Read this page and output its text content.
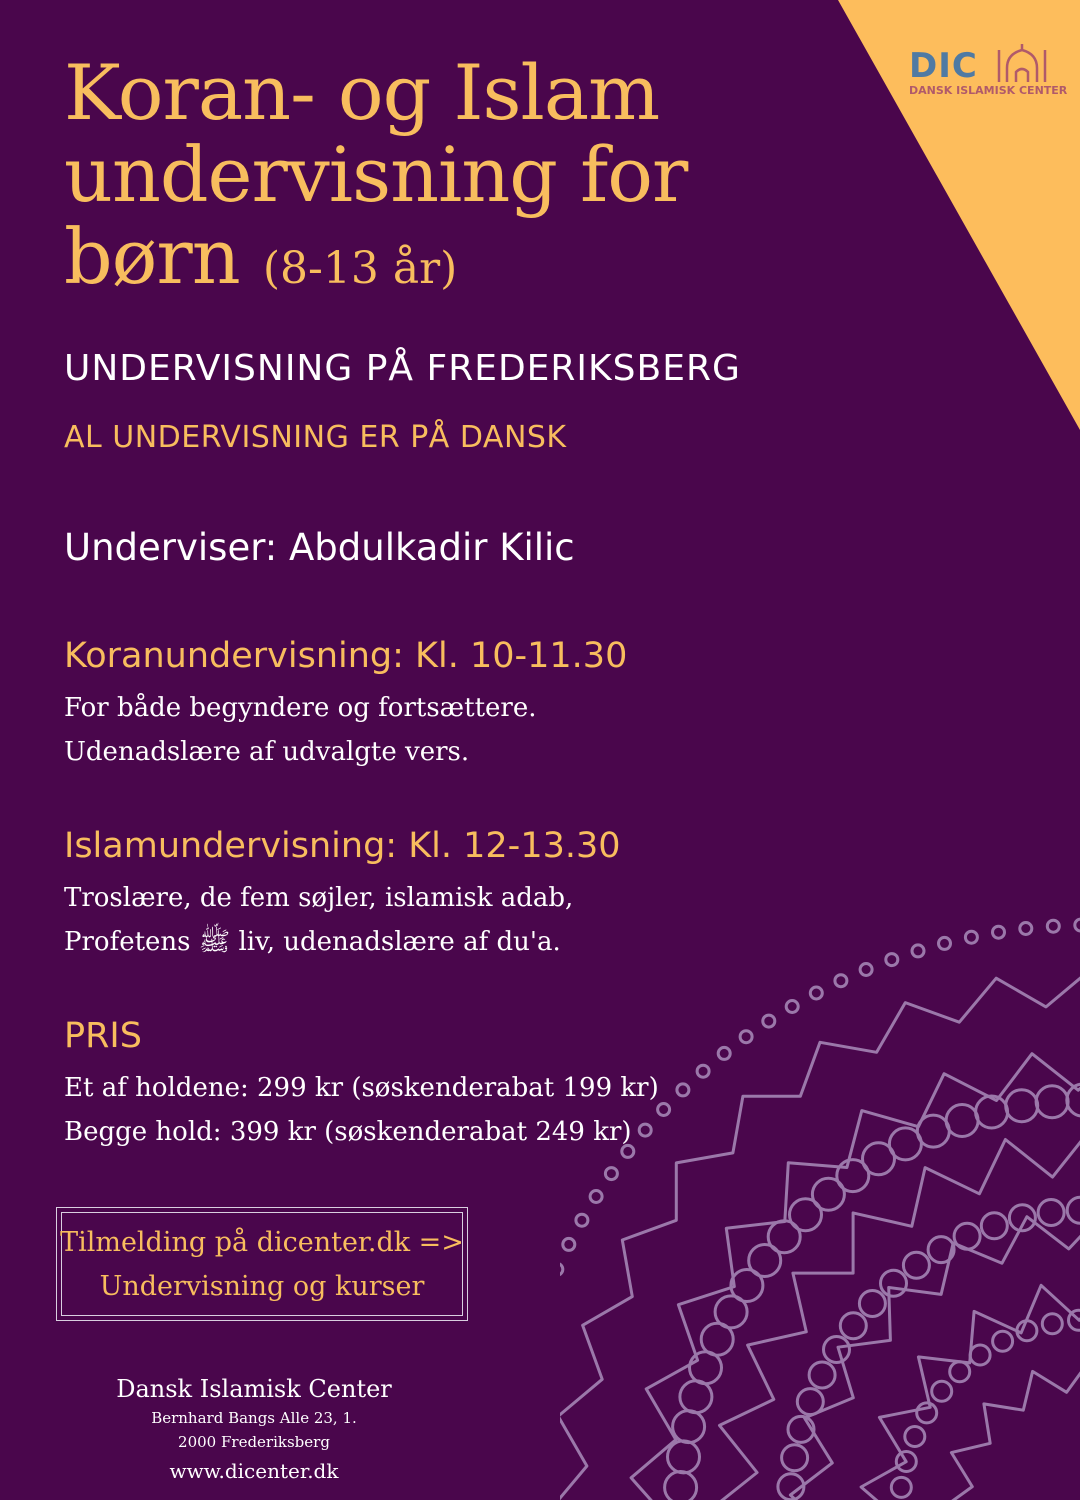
DIC
DANSK ISLAMISK CENTER
Koran- og Islam
undervisning for
børn (8-13 år)
UNDERVISNING PÅ FREDERIKSBERG
AL UNDERVISNING ER PÅ DANSK
Underviser: Abdulkadir Kilic
Koranundervisning: Kl. 10-11.30
For både begyndere og fortsættere.
Udenadslære af udvalgte vers.
Islamundervisning: Kl. 12-13.30
Troslære, de fem søjler, islamisk adab,
Profetens ﷺ liv, udenadslære af du'a.
PRIS
Et af holdene: 299 kr (søskenderabat 199 kr)
Begge hold: 399 kr (søskenderabat 249 kr)
Tilmelding på dicenter.dk =>
Undervisning og kurser
Dansk Islamisk Center
Bernhard Bangs Alle 23, 1.
2000 Frederiksberg
www.dicenter.dk
